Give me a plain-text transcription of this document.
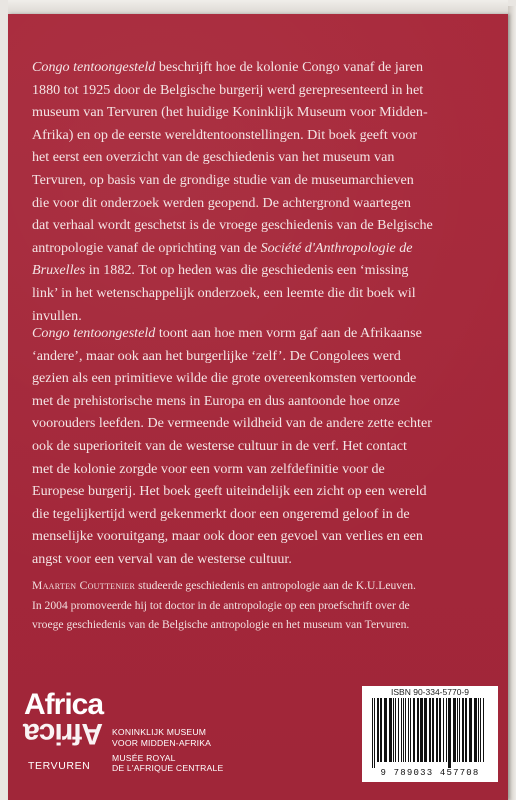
Congo tentoongesteld beschrijft hoe de kolonie Congo vanaf de jaren
1880 tot 1925 door de Belgische burgerij werd gerepresenteerd in het
museum van Tervuren (het huidige Koninklijk Museum voor Midden-
Afrika) en op de eerste wereldtentoonstellingen. Dit boek geeft voor
het eerst een overzicht van de geschiedenis van het museum van
Tervuren, op basis van de grondige studie van de museumarchieven
die voor dit onderzoek werden geopend. De achtergrond waartegen
dat verhaal wordt geschetst is de vroege geschiedenis van de Belgische
antropologie vanaf de oprichting van de Société d'Anthropologie de
Bruxelles in 1882. Tot op heden was die geschiedenis een ‘missing
link’ in het wetenschappelijk onderzoek, een leemte die dit boek wil
invullen.
Congo tentoongesteld toont aan hoe men vorm gaf aan de Afrikaanse
‘andere’, maar ook aan het burgerlijke ‘zelf’. De Congolees werd
gezien als een primitieve wilde die grote overeenkomsten vertoonde
met de prehistorische mens in Europa en dus aantoonde hoe onze
voorouders leefden. De vermeende wildheid van de andere zette echter
ook de superioriteit van de westerse cultuur in de verf. Het contact
met de kolonie zorgde voor een vorm van zelfdefinitie voor de
Europese burgerij. Het boek geeft uiteindelijk een zicht op een wereld
die tegelijkertijd werd gekenmerkt door een ongeremd geloof in de
menselijke vooruitgang, maar ook door een gevoel van verlies en een
angst voor een verval van de westerse cultuur.
Maarten Couttenier studeerde geschiedenis en antropologie aan de K.U.Leuven.
In 2004 promoveerde hij tot doctor in de antropologie op een proefschrift over de
vroege geschiedenis van de Belgische antropologie en het museum van Tervuren.
Africa
Africa
TERVUREN
KONINKLIJK MUSEUM
VOOR MIDDEN-AFRIKA
MUSÉE ROYAL
DE L'AFRIQUE CENTRALE
ISBN 90-334-5770-9
9 789033 457708
